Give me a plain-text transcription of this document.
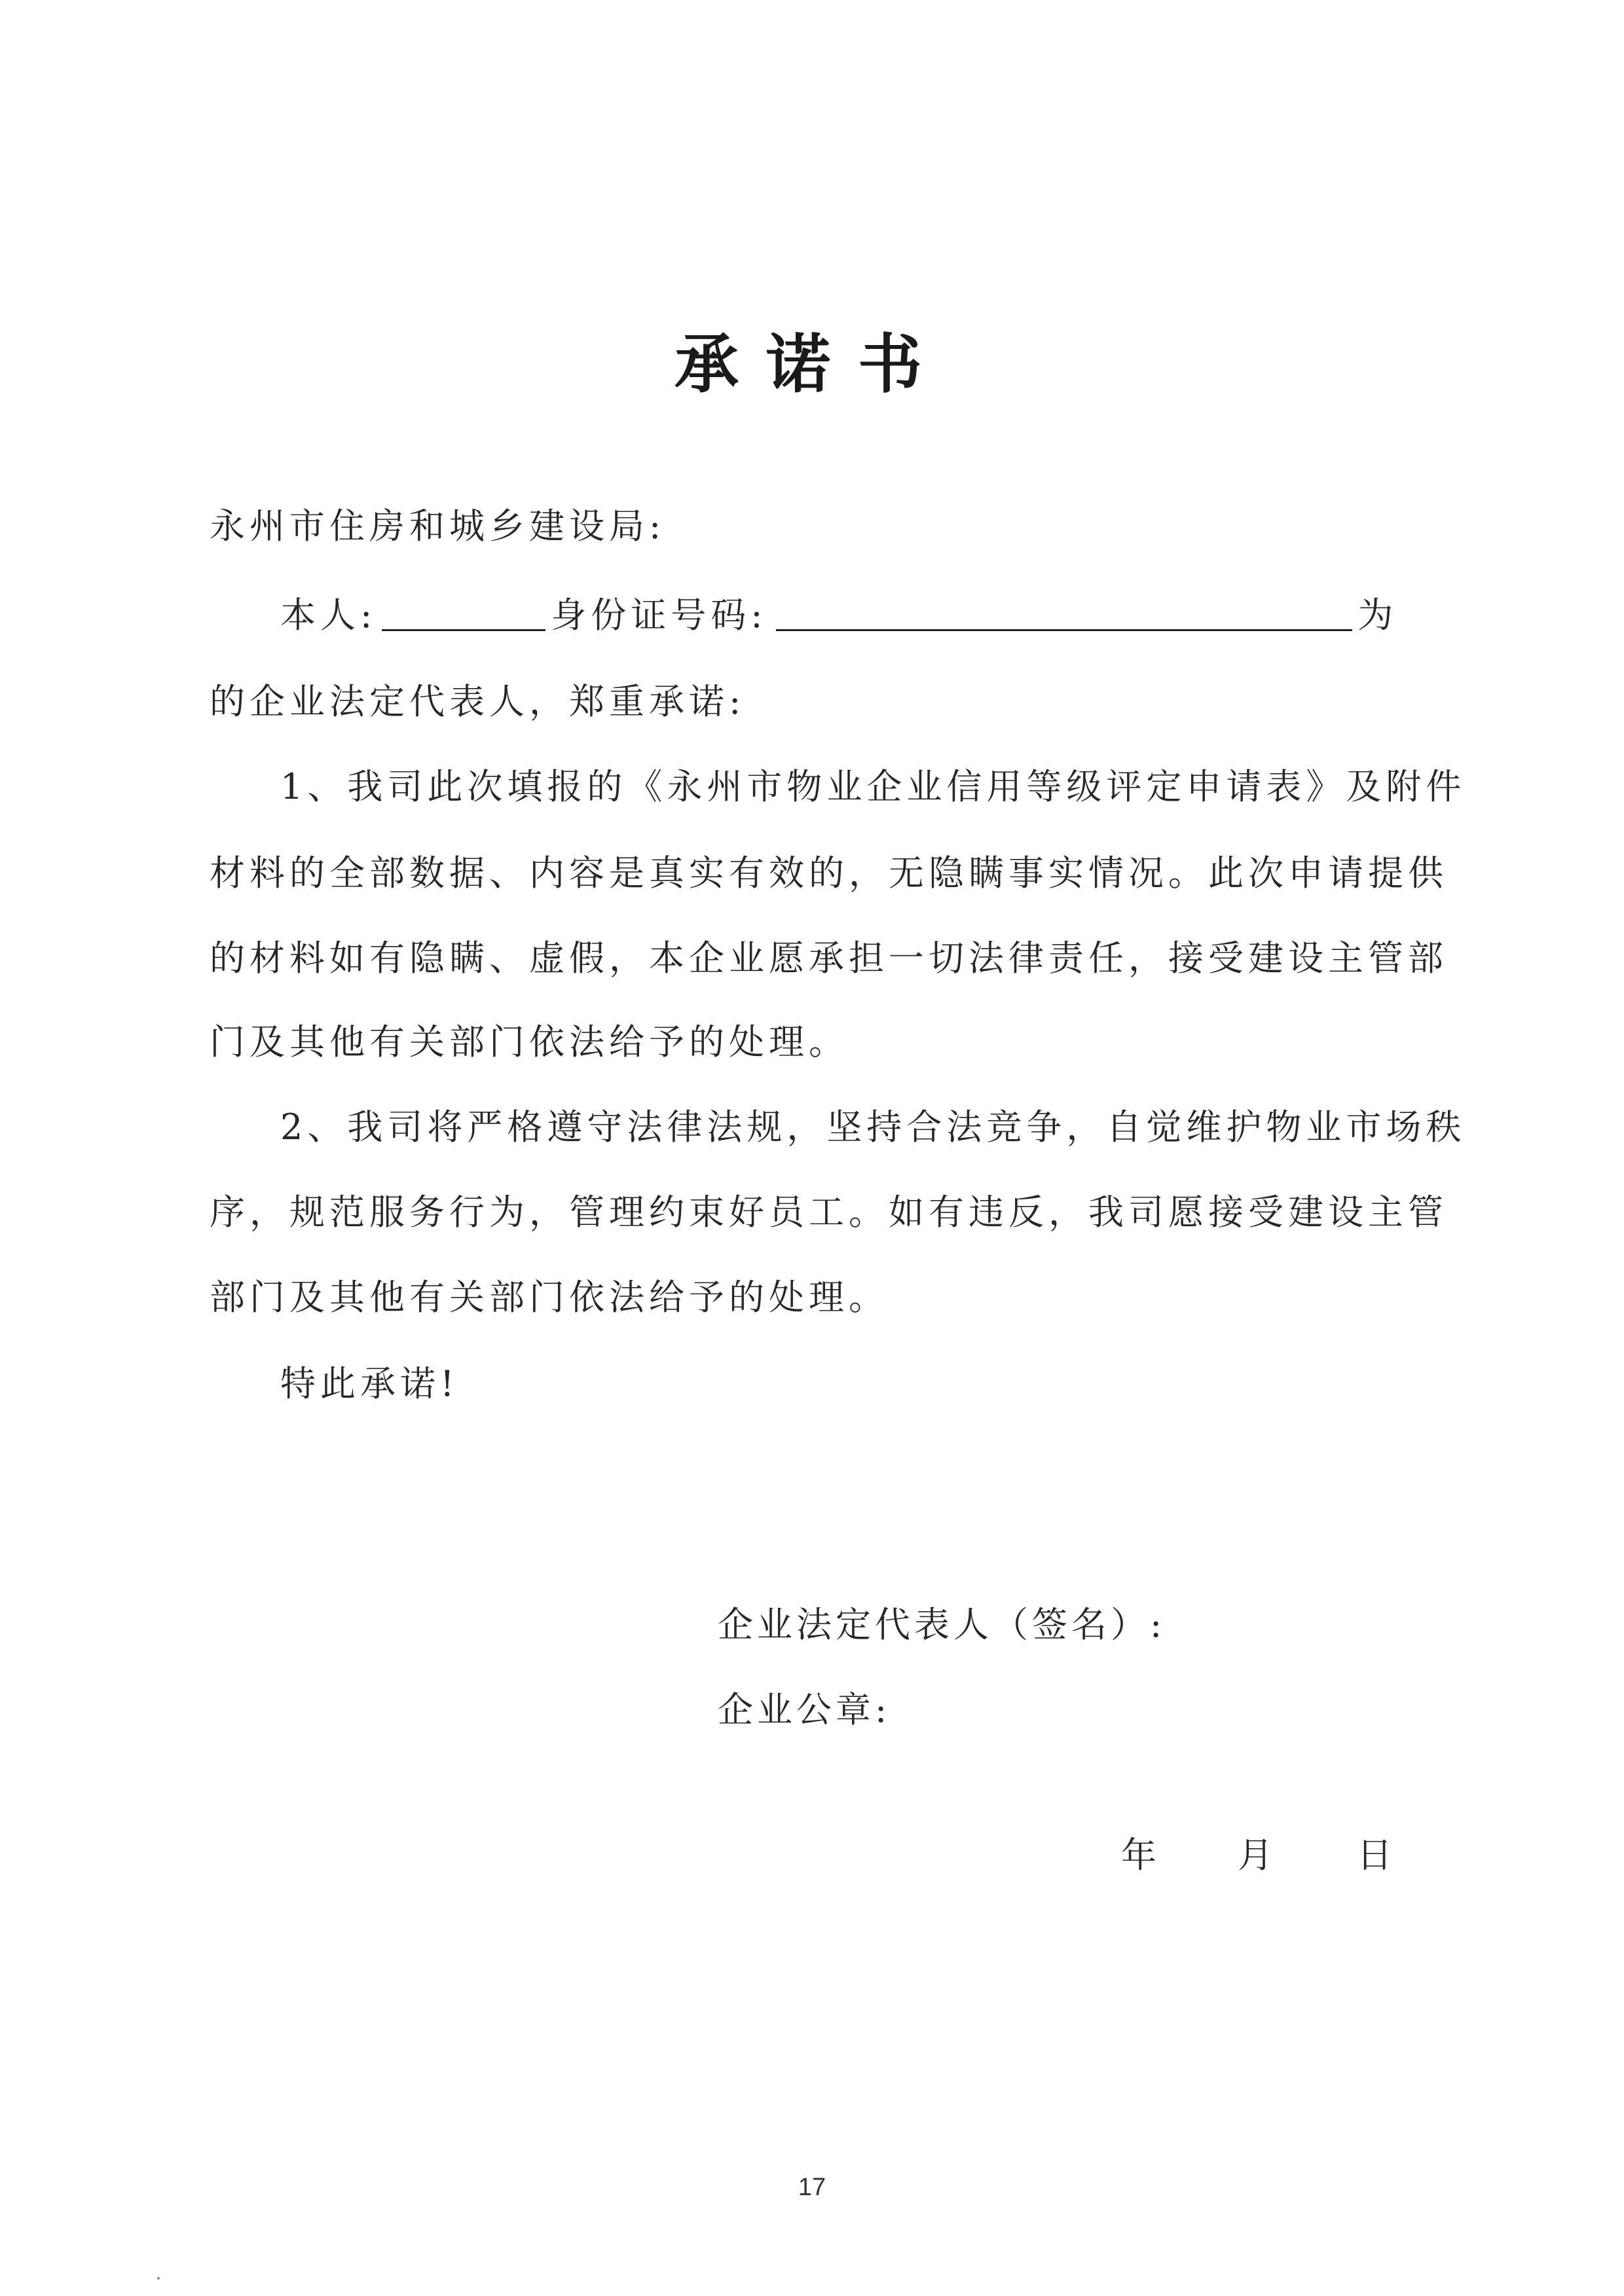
承诺书
永州市住房和城乡建设局:
本人:	身份证号码:	为
的企业法定代表人，郑重承诺:
1、我司此次填报的《永州市物业企业信用等级评定申请表》及附件
材料的全部数据、内容是真实有效的，无隐瞒事实情况。此次申请提供
的材料如有隐瞒、虚假，本企业愿承担一切法律责任，接受建设主管部
门及其他有关部门依法给予的处理。
2、我司将严格遵守法律法规，坚持合法竞争，自觉维护物业市场秩
序，规范服务行为，管理约束好员工。如有违反，我司愿接受建设主管
部门及其他有关部门依法给予的处理。
特此承诺!
企业法定代表人（签名）:
企业公章:
年 月 日
17
